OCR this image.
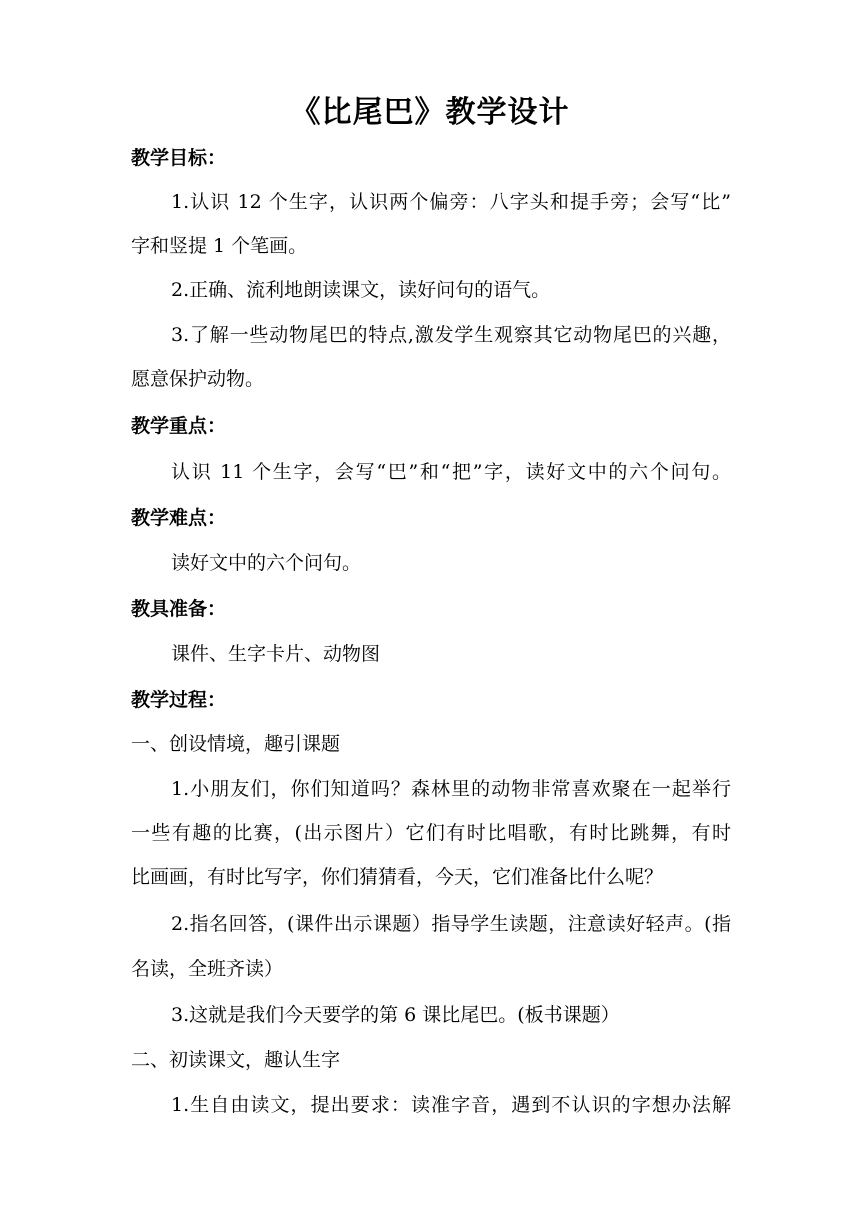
《比尾巴》教学设计
教学目标：
1.认识 12 个生字，认识两个偏旁：八字头和提手旁；会写“比”
字和竖提 1 个笔画。
2.正确、流利地朗读课文，读好问句的语气。
3.了解一些动物尾巴的特点,激发学生观察其它动物尾巴的兴趣，
愿意保护动物。
教学重点：
认识 11 个生字，会写“巴”和“把”字，读好文中的六个问句。
教学难点：
读好文中的六个问句。
教具准备：
课件、生字卡片、动物图
教学过程：
一、创设情境，趣引课题
1.小朋友们，你们知道吗？森林里的动物非常喜欢聚在一起举行
一些有趣的比赛，(出示图片）它们有时比唱歌，有时比跳舞，有时
比画画，有时比写字，你们猜猜看，今天，它们准备比什么呢？
2.指名回答，(课件出示课题）指导学生读题，注意读好轻声。(指
名读，全班齐读）
3.这就是我们今天要学的第 6 课比尾巴。(板书课题）
二、初读课文，趣认生字
1.生自由读文，提出要求：读准字音，遇到不认识的字想办法解
